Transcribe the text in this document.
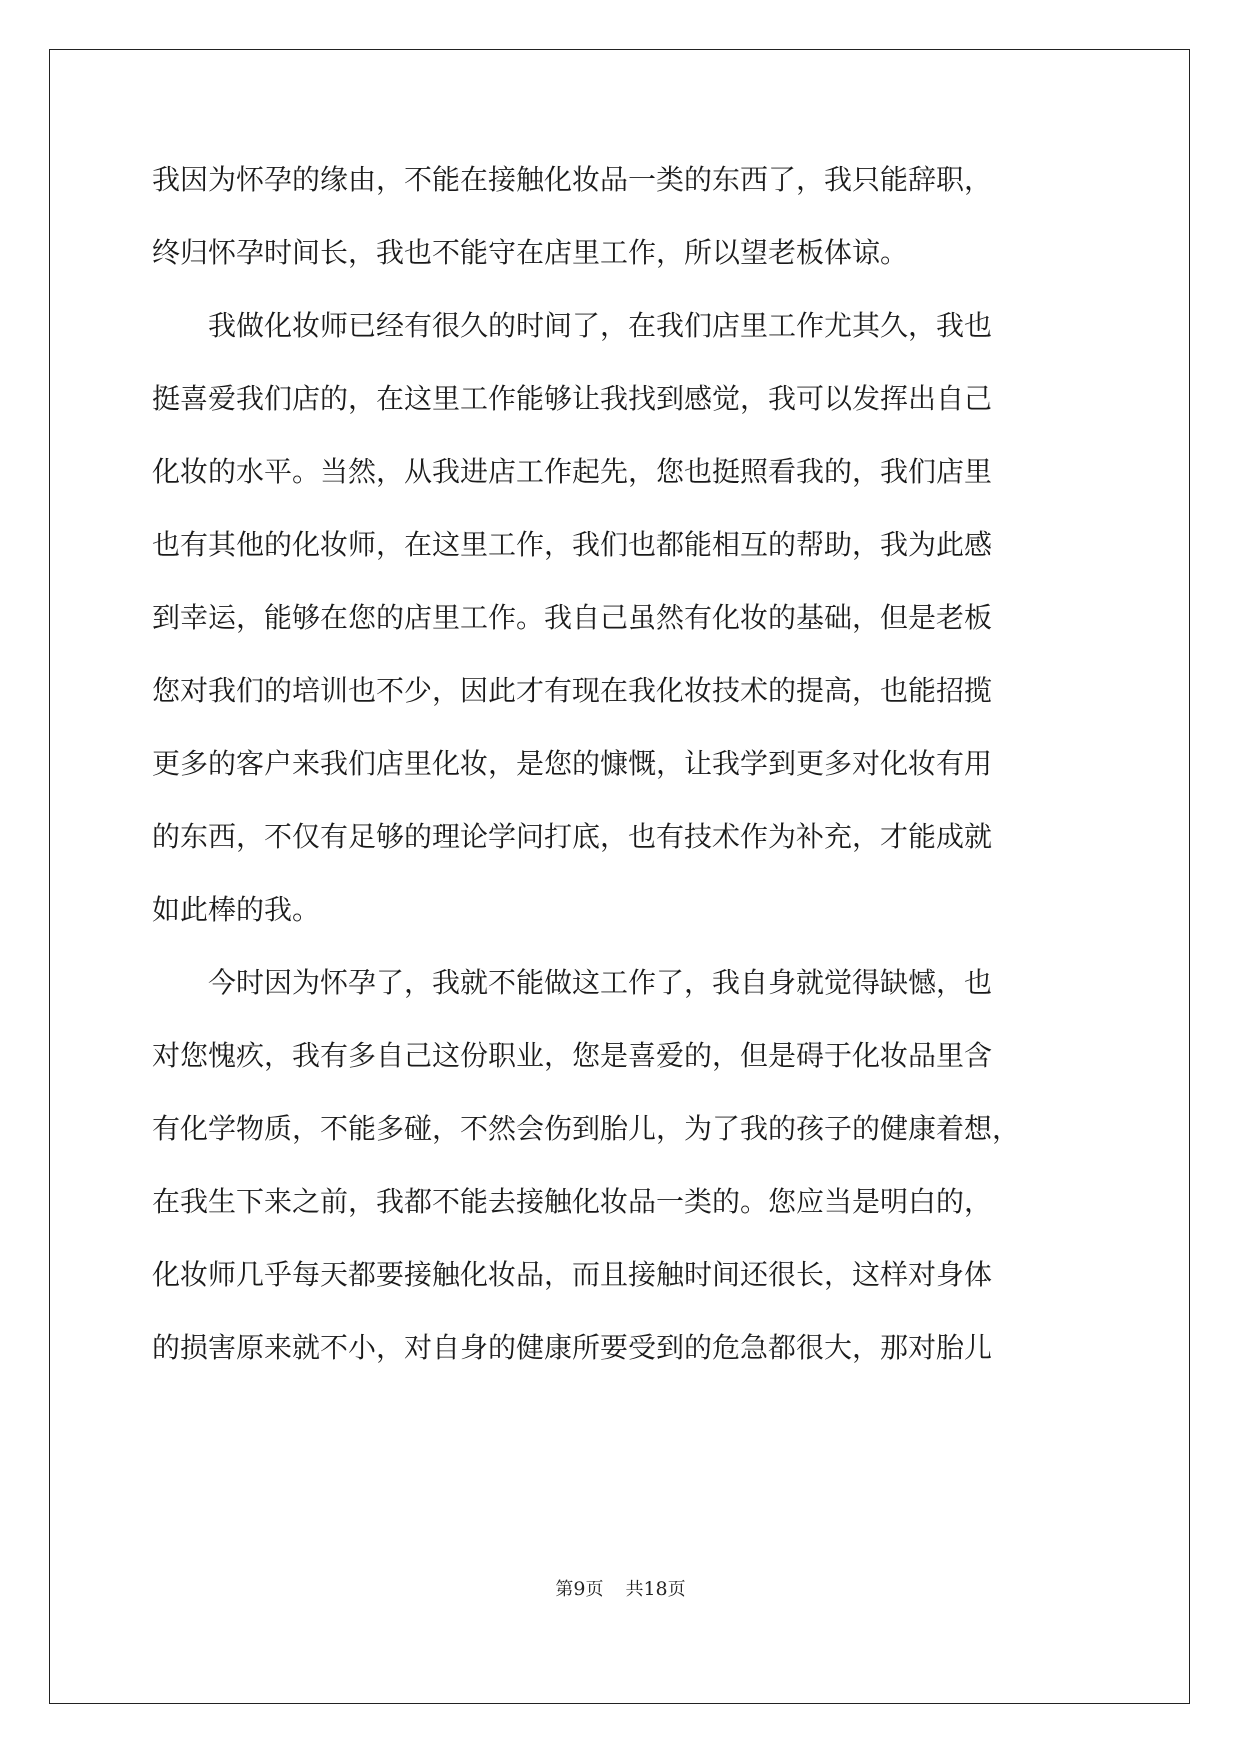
我因为怀孕的缘由，不能在接触化妆品一类的东西了，我只能辞职，

终归怀孕时间长，我也不能守在店里工作，所以望老板体谅。

　　我做化妆师已经有很久的时间了，在我们店里工作尤其久，我也

挺喜爱我们店的，在这里工作能够让我找到感觉，我可以发挥出自己

化妆的水平。当然，从我进店工作起先，您也挺照看我的，我们店里

也有其他的化妆师，在这里工作，我们也都能相互的帮助，我为此感

到幸运，能够在您的店里工作。我自己虽然有化妆的基础，但是老板

您对我们的培训也不少，因此才有现在我化妆技术的提高，也能招揽

更多的客户来我们店里化妆，是您的慷慨，让我学到更多对化妆有用

的东西，不仅有足够的理论学问打底，也有技术作为补充，才能成就

如此棒的我。

　　今时因为怀孕了，我就不能做这工作了，我自身就觉得缺憾，也

对您愧疚，我有多自己这份职业，您是喜爱的，但是碍于化妆品里含

有化学物质，不能多碰，不然会伤到胎儿，为了我的孩子的健康着想，

在我生下来之前，我都不能去接触化妆品一类的。您应当是明白的，

化妆师几乎每天都要接触化妆品，而且接触时间还很长，这样对身体

的损害原来就不小，对自身的健康所要受到的危急都很大，那对胎儿

第9页 共18页
